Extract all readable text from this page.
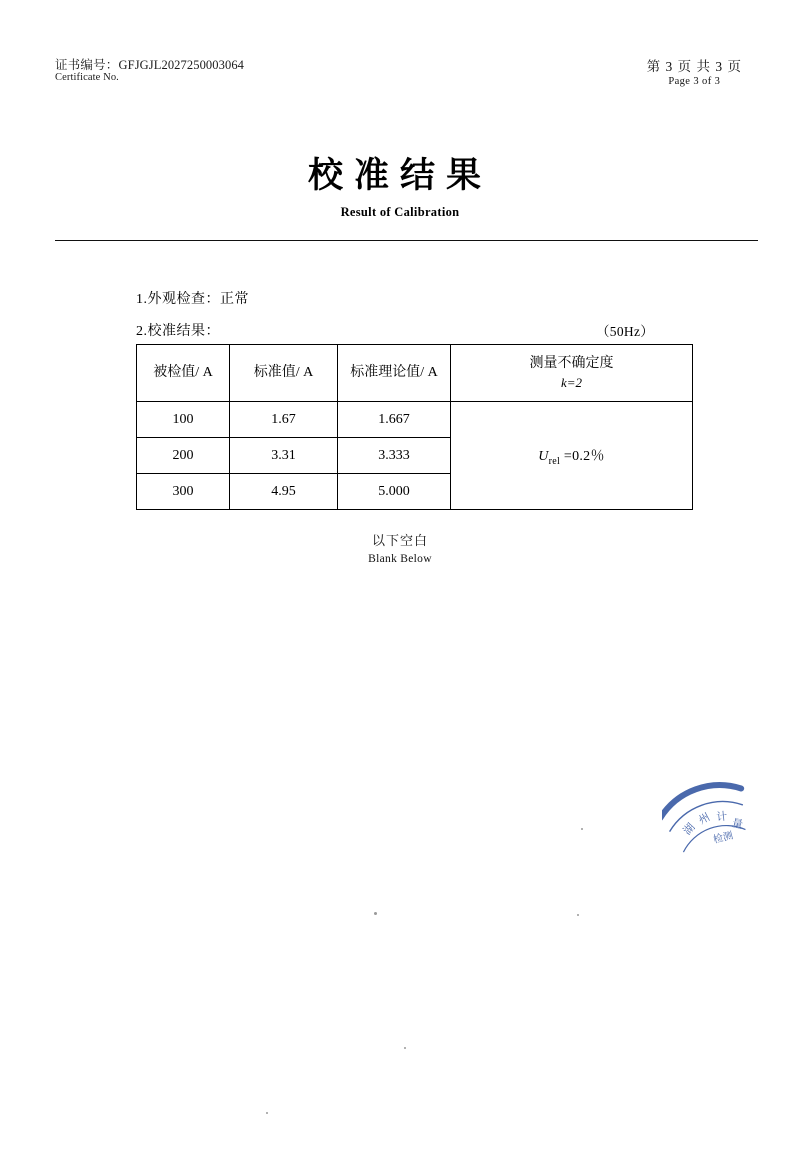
证书编号：GFJGJL2027250003064
Certificate No.
第 3 页 共 3 页
Page 3 of 3
校准结果
Result of Calibration
1.外观检查：正常
2.校准结果：	（50Hz）
被检值/ A	标准值/ A	标准理论值/ A	测量不确定度
k=2

100	1.67	1.667	$U_{rel} =0.2$％
200	3.31	3.333	
300	4.95	5.000	
以下空白
Blank Below
湖
州 计
量
检测
